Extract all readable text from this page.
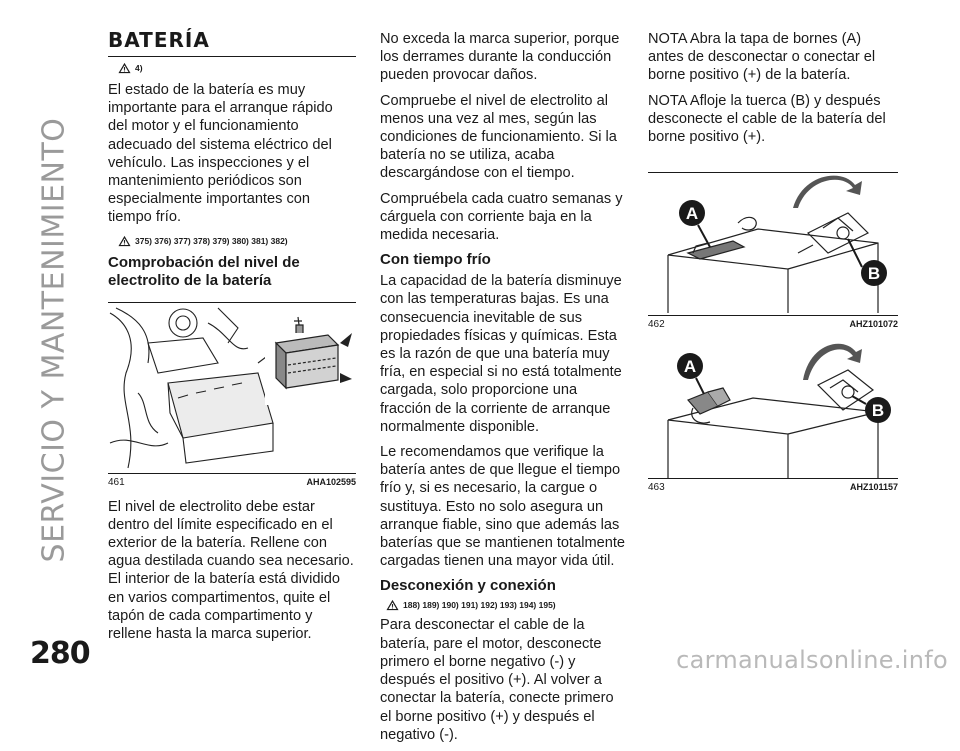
SERVICIO Y MANTENIMIENTO
280
BATERÍA
4)

El estado de la batería es muy importante para el arranque rápido del motor y el funcionamiento adecuado del sistema eléctrico del vehículo. Las inspecciones y el mantenimiento periódicos son especialmente importantes con tiempo frío.

375) 376) 377) 378) 379) 380) 381) 382)
Comprobación del nivel de electrolito de la batería
461	AHA102595

El nivel de electrolito debe estar dentro del límite especificado en el exterior de la batería. Rellene con agua destilada cuando sea necesario. El interior de la batería está dividido en varios compartimentos, quite el tapón de cada compartimento y rellene hasta la marca superior.

No exceda la marca superior, porque los derrames durante la conducción pueden provocar daños.

Compruebe el nivel de electrolito al menos una vez al mes, según las condiciones de funcionamiento. Si la batería no se utiliza, acaba descargándose con el tiempo.

Compruébela cada cuatro semanas y cárguela con corriente baja en la medida necesaria.

Con tiempo frío

La capacidad de la batería disminuye con las temperaturas bajas. Es una consecuencia inevitable de sus propiedades físicas y químicas. Esta es la razón de que una batería muy fría, en especial si no está totalmente cargada, solo proporcione una fracción de la corriente de arranque normalmente disponible.

Le recomendamos que verifique la batería antes de que llegue el tiempo frío y, si es necesario, la cargue o sustituya. Esto no solo asegura un arranque fiable, sino que además las baterías que se mantienen totalmente cargadas tienen una mayor vida útil.

Desconexión y conexión
188) 189) 190) 191) 192) 193) 194) 195)

Para desconectar el cable de la batería, pare el motor, desconecte primero el borne negativo (-) y después el positivo (+). Al volver a conectar la batería, conecte primero el borne positivo (+) y después el negativo (-).

NOTA Abra la tapa de bornes (A) antes de desconectar o conectar el borne positivo (+) de la batería.

NOTA Afloje la tuerca (B) y después desconecte el cable de la batería del borne positivo (+).

A
B
462	AHZ101072
A
B
463	AHZ101157
carmanualsonline.info
